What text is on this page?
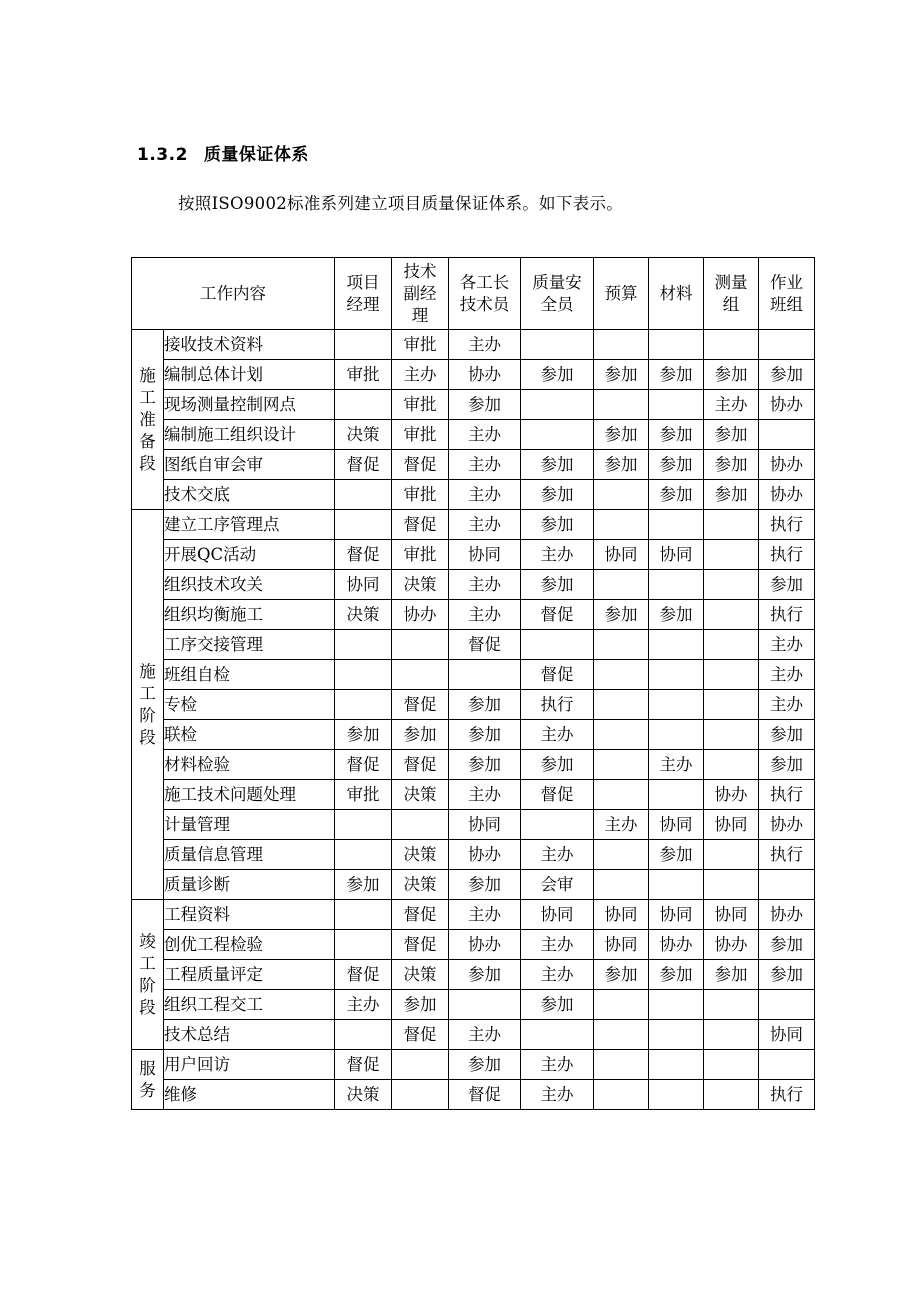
1.3.2 质量保证体系
按照ISO9002标准系列建立项目质量保证体系。如下表示。
工作内容		项目经理	技术副经理	各工长技术员	质量安全员	预算	材料	测量组	作业班组

施工准备段	接收技术资料		审批	主办					
	编制总体计划	审批	主办	协办	参加	参加	参加	参加	参加
	现场测量控制网点		审批	参加				主办	协办
	编制施工组织设计	决策	审批	主办		参加	参加	参加	
	图纸自审会审	督促	督促	主办	参加	参加	参加	参加	协办
	技术交底		审批	主办	参加		参加	参加	协办
施工阶段	建立工序管理点		督促	主办	参加				执行
	开展QC活动	督促	审批	协同	主办	协同	协同		执行
	组织技术攻关	协同	决策	主办	参加				参加
	组织均衡施工	决策	协办	主办	督促	参加	参加		执行
	工序交接管理			督促					主办
	班组自检				督促				主办
	专检		督促	参加	执行				主办
	联检	参加	参加	参加	主办				参加
	材料检验	督促	督促	参加	参加		主办		参加
	施工技术问题处理	审批	决策	主办	督促			协办	执行
	计量管理			协同		主办	协同	协同	协办
	质量信息管理		决策	协办	主办		参加		执行
	质量诊断	参加	决策	参加	会审				
竣工阶段	工程资料		督促	主办	协同	协同	协同	协同	协办
	创优工程检验		督促	协办	主办	协同	协办	协办	参加
	工程质量评定	督促	决策	参加	主办	参加	参加	参加	参加
	组织工程交工	主办	参加		参加				
	技术总结		督促	主办					协同
服务	用户回访	督促		参加	主办				
	维修	决策		督促	主办				执行
